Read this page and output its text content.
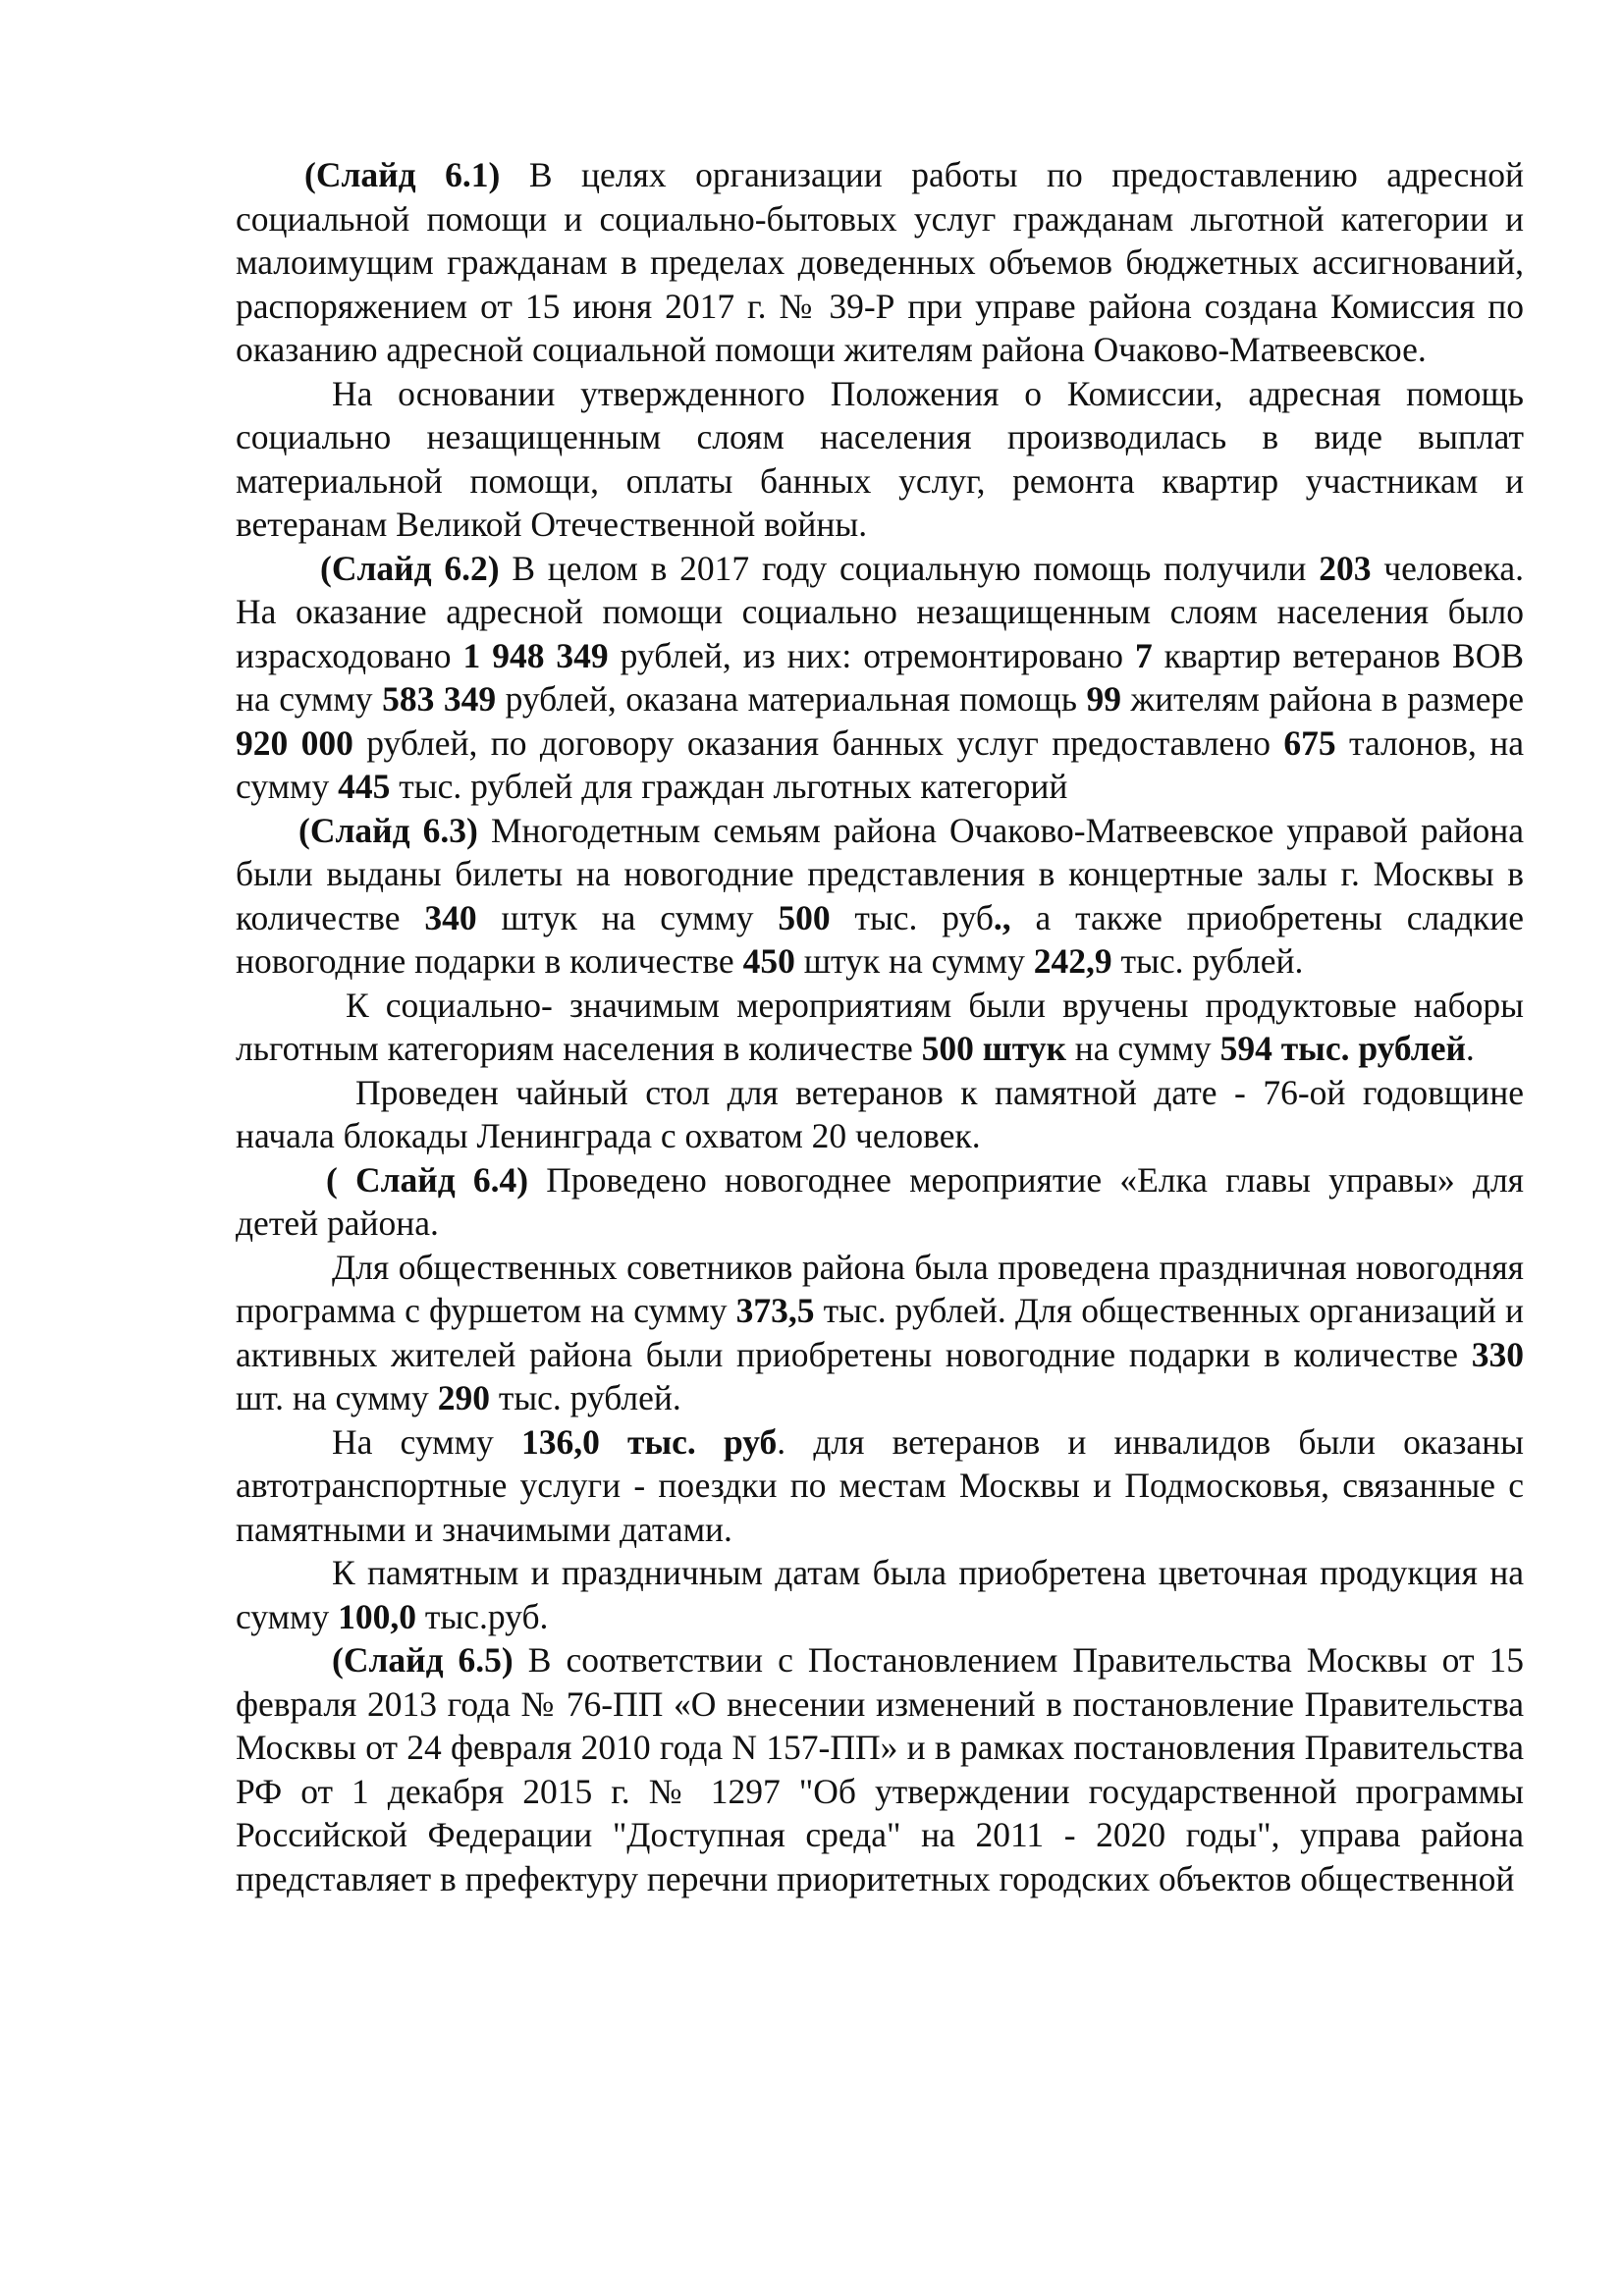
(Слайд 6.1) В целях организации работы по предоставлению адресной социальной помощи и социально-бытовых услуг гражданам льготной категории и малоимущим гражданам в пределах доведенных объемов бюджетных ассигнований, распоряжением от 15 июня 2017 г. № 39-Р при управе района создана Комиссия по оказанию адресной социальной помощи жителям района Очаково-Матвеевское.

На основании утвержденного Положения о Комиссии, адресная помощь социально незащищенным слоям населения производилась в виде выплат материальной помощи, оплаты банных услуг, ремонта квартир участникам и ветеранам Великой Отечественной войны.

(Слайд 6.2) В целом в 2017 году социальную помощь получили 203 человека. На оказание адресной помощи социально незащищенным слоям населения было израсходовано 1 948 349 рублей, из них: отремонтировано 7 квартир ветеранов ВОВ на сумму 583 349 рублей, оказана материальная помощь 99 жителям района в размере 920 000 рублей, по договору оказания банных услуг предоставлено 675 талонов, на сумму 445 тыс. рублей для граждан льготных категорий

(Слайд 6.3) Многодетным семьям района Очаково-Матвеевское управой района были выданы билеты на новогодние представления в концертные залы г. Москвы в количестве 340 штук на сумму 500 тыс. руб., а также приобретены сладкие новогодние подарки в количестве 450 штук на сумму 242,9 тыс. рублей.

К социально- значимым мероприятиям были вручены продуктовые наборы льготным категориям населения в количестве 500 штук на сумму 594 тыс. рублей.

Проведен чайный стол для ветеранов к памятной дате - 76-ой годовщине начала блокады Ленинграда с охватом 20 человек.

( Слайд 6.4) Проведено новогоднее мероприятие «Елка главы управы» для детей района.

Для общественных советников района была проведена праздничная новогодняя программа с фуршетом на сумму 373,5 тыс. рублей. Для общественных организаций и активных жителей района были приобретены новогодние подарки в количестве 330 шт. на сумму 290 тыс. рублей.

На сумму 136,0 тыс. руб. для ветеранов и инвалидов были оказаны автотранспортные услуги - поездки по местам Москвы и Подмосковья, связанные с памятными и значимыми датами.

К памятным и праздничным датам была приобретена цветочная продукция на сумму 100,0 тыс.руб.

(Слайд 6.5) В соответствии с Постановлением Правительства Москвы от 15 февраля 2013 года № 76-ПП «О внесении изменений в постановление Правительства Москвы от 24 февраля 2010 года N 157-ПП» и в рамках постановления Правительства РФ от 1 декабря 2015 г. № 1297 "Об утверждении государственной программы Российской Федерации "Доступная среда" на 2011 - 2020 годы", управа района представляет в префектуру перечни приоритетных городских объектов общественной
